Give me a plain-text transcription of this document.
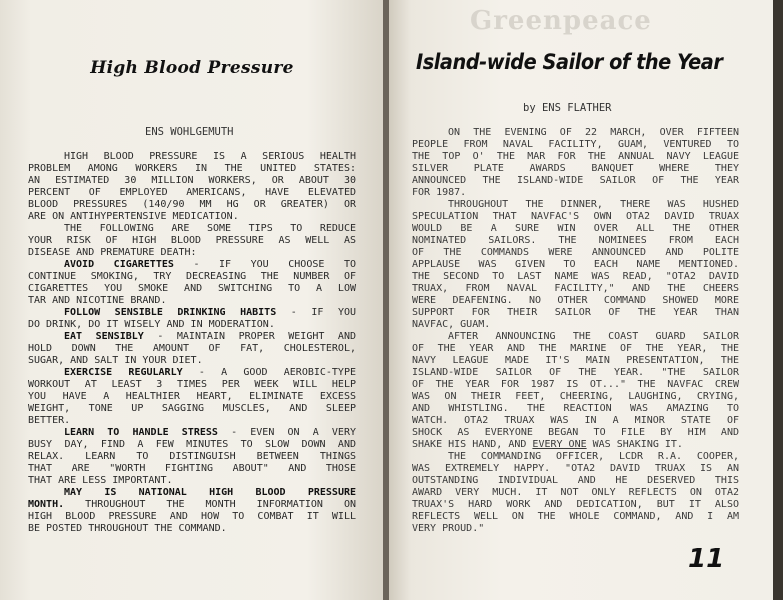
Greenpeace
High Blood Pressure
ENS WOHLGEMUTH
HIGH BLOOD PRESSURE IS A SERIOUS HEALTH
PROBLEM AMONG WORKERS IN THE UNITED STATES:
AN ESTIMATED 30 MILLION WORKERS, OR ABOUT 30
PERCENT OF EMPLOYED AMERICANS, HAVE ELEVATED
BLOOD PRESSURES (140/90 MM HG OR GREATER) OR
ARE ON ANTIHYPERTENSIVE MEDICATION.
THE FOLLOWING ARE SOME TIPS TO REDUCE
YOUR RISK OF HIGH BLOOD PRESSURE AS WELL AS
DISEASE AND PREMATURE DEATH:
AVOID CIGARETTES - IF YOU CHOOSE TO
CONTINUE SMOKING, TRY DECREASING THE NUMBER OF
CIGARETTES YOU SMOKE AND SWITCHING TO A LOW
TAR AND NICOTINE BRAND.
FOLLOW SENSIBLE DRINKING HABITS - IF YOU
DO DRINK, DO IT WISELY AND IN MODERATION.
EAT SENSIBLY - MAINTAIN PROPER WEIGHT AND
HOLD DOWN THE AMOUNT OF FAT, CHOLESTEROL,
SUGAR, AND SALT IN YOUR DIET.
EXERCISE REGULARLY - A GOOD AEROBIC-TYPE
WORKOUT AT LEAST 3 TIMES PER WEEK WILL HELP
YOU HAVE A HEALTHIER HEART, ELIMINATE EXCESS
WEIGHT, TONE UP SAGGING MUSCLES, AND SLEEP
BETTER.
LEARN TO HANDLE STRESS - EVEN ON A VERY
BUSY DAY, FIND A FEW MINUTES TO SLOW DOWN AND
RELAX. LEARN TO DISTINGUISH BETWEEN THINGS
THAT ARE "WORTH FIGHTING ABOUT" AND THOSE
THAT ARE LESS IMPORTANT.
MAY IS NATIONAL HIGH BLOOD PRESSURE
MONTH. THROUGHOUT THE MONTH INFORMATION ON
HIGH BLOOD PRESSURE AND HOW TO COMBAT IT WILL
BE POSTED THROUGHOUT THE COMMAND.
Island-wide Sailor of the Year
by ENS FLATHER
ON THE EVENING OF 22 MARCH, OVER FIFTEEN
PEOPLE FROM NAVAL FACILITY, GUAM, VENTURED TO
THE TOP O' THE MAR FOR THE ANNUAL NAVY LEAGUE
SILVER PLATE AWARDS BANQUET WHERE THEY
ANNOUNCED THE ISLAND-WIDE SAILOR OF THE YEAR
FOR 1987.
THROUGHOUT THE DINNER, THERE WAS HUSHED
SPECULATION THAT NAVFAC'S OWN OTA2 DAVID TRUAX
WOULD BE A SURE WIN OVER ALL THE OTHER
NOMINATED SAILORS. THE NOMINEES FROM EACH
OF THE COMMANDS WERE ANNOUNCED AND POLITE
APPLAUSE WAS GIVEN TO EACH NAME MENTIONED.
THE SECOND TO LAST NAME WAS READ, "OTA2 DAVID
TRUAX, FROM NAVAL FACILITY," AND THE CHEERS
WERE DEAFENING. NO OTHER COMMAND SHOWED MORE
SUPPORT FOR THEIR SAILOR OF THE YEAR THAN
NAVFAC, GUAM.
AFTER ANNOUNCING THE COAST GUARD SAILOR
OF THE YEAR AND THE MARINE OF THE YEAR, THE
NAVY LEAGUE MADE IT'S MAIN PRESENTATION, THE
ISLAND-WIDE SAILOR OF THE YEAR. "THE SAILOR
OF THE YEAR FOR 1987 IS OT..." THE NAVFAC CREW
WAS ON THEIR FEET, CHEERING, LAUGHING, CRYING,
AND WHISTLING. THE REACTION WAS AMAZING TO
WATCH. OTA2 TRUAX WAS IN A MINOR STATE OF
SHOCK AS EVERYONE BEGAN TO FILE BY HIM AND
SHAKE HIS HAND, AND EVERY ONE WAS SHAKING IT.
THE COMMANDING OFFICER, LCDR R.A. COOPER,
WAS EXTREMELY HAPPY. "OTA2 DAVID TRUAX IS AN
OUTSTANDING INDIVIDUAL AND HE DESERVED THIS
AWARD VERY MUCH. IT NOT ONLY REFLECTS ON OTA2
TRUAX'S HARD WORK AND DEDICATION, BUT IT ALSO
REFLECTS WELL ON THE WHOLE COMMAND, AND I AM
VERY PROUD."
11
